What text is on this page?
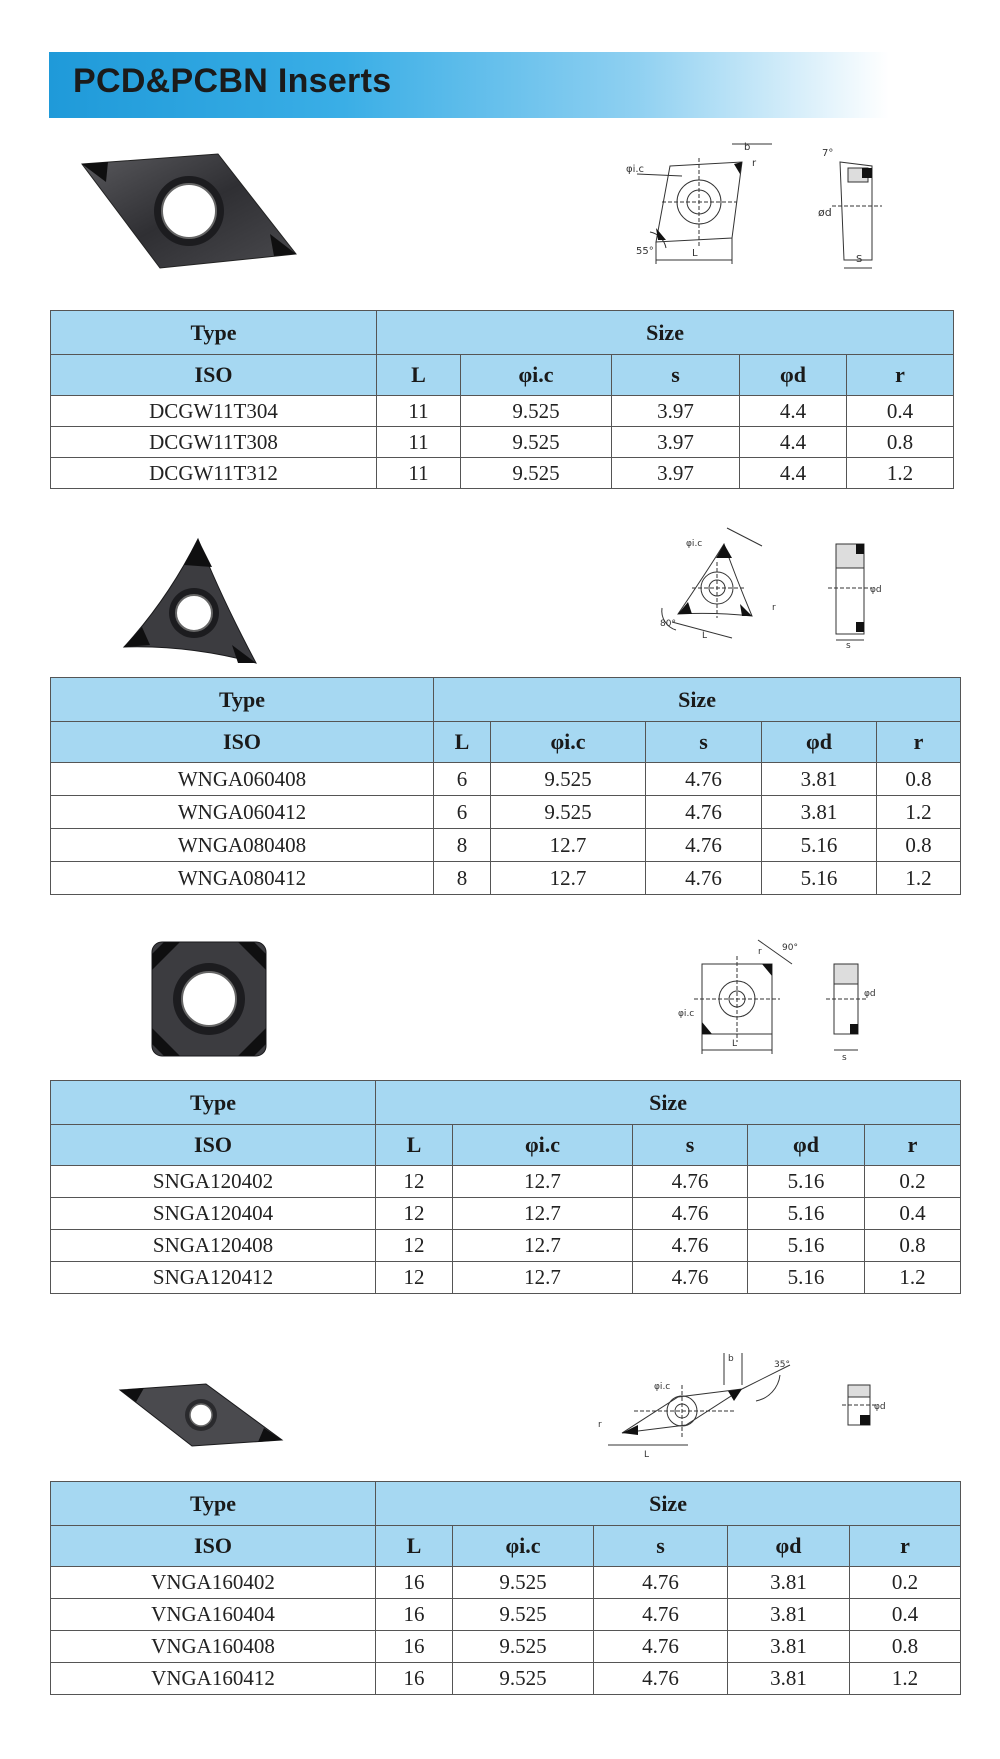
PCD&PCBN Inserts
b
φi.c
r
55°	L
ød
S
7°
Type	Size				
ISO	L	φi.c	s	φd	r
DCGW11T304	11	9.525	3.97	4.4	0.4
DCGW11T308	11	9.525	3.97	4.4	0.8
DCGW11T312	11	9.525	3.97	4.4	1.2
φi.c
80°
L
r
φd
s
Type	Size				
ISO	L	φi.c	s	φd	r
WNGA060408	6	9.525	4.76	3.81	0.8
WNGA060412	6	9.525	4.76	3.81	1.2
WNGA080408	8	12.7	4.76	5.16	0.8
WNGA080412	8	12.7	4.76	5.16	1.2
φi.c
90°
L
r
φd
s
Type	Size				
ISO	L	φi.c	s	φd	r
SNGA120402	12	12.7	4.76	5.16	0.2
SNGA120404	12	12.7	4.76	5.16	0.4
SNGA120408	12	12.7	4.76	5.16	0.8
SNGA120412	12	12.7	4.76	5.16	1.2
φi.c
b
35°
L
r
φd
Type	Size				
ISO	L	φi.c	s	φd	r
VNGA160402	16	9.525	4.76	3.81	0.2
VNGA160404	16	9.525	4.76	3.81	0.4
VNGA160408	16	9.525	4.76	3.81	0.8
VNGA160412	16	9.525	4.76	3.81	1.2
